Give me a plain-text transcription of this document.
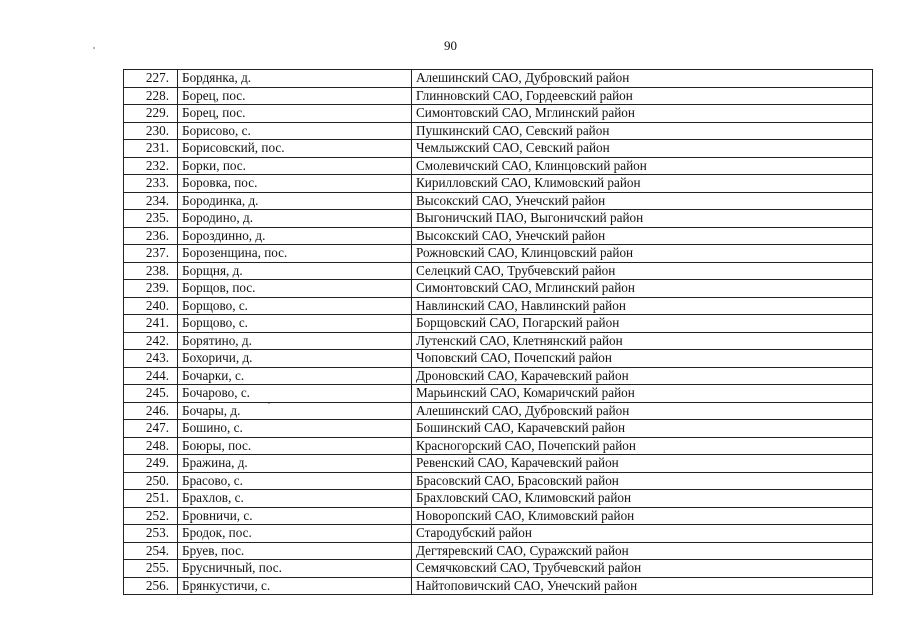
90
227.	Бордянка, д.	Алешинский САО, Дубровский район
228.	Борец, пос.	Глинновский САО, Гордеевский район
229.	Борец, пос.	Симонтовский САО, Мглинский район
230.	Борисово, с.	Пушкинский САО, Севский район
231.	Борисовский, пос.	Чемлыжский САО, Севский район
232.	Борки, пос.	Смолевичский САО, Клинцовский район
233.	Боровка, пос.	Кирилловский САО, Климовский район
234.	Бородинка, д.	Высокский САО, Унечский район
235.	Бородино, д.	Выгоничский ПАО, Выгоничский район
236.	Бороздинно, д.	Высокский САО, Унечский район
237.	Борозенщина, пос.	Рожновский САО, Клинцовский район
238.	Борщня, д.	Селецкий САО, Трубчевский район
239.	Борщов, пос.	Симонтовский САО, Мглинский район
240.	Борщово, с.	Навлинский САО, Навлинский район
241.	Борщово, с.	Борщовский САО, Погарский район
242.	Борятино, д.	Лутенский САО, Клетнянский район
243.	Бохоричи, д.	Чоповский САО, Почепский район
244.	Бочарки, с.	Дроновский САО, Карачевский район
245.	Бочарово, с.	Марьинский САО, Комаричский район
246.	Бочары, д.	Алешинский САО, Дубровский район
247.	Бошино, с.	Бошинский САО, Карачевский район
248.	Боюры, пос.	Красногорский САО, Почепский район
249.	Бражина, д.	Ревенский САО, Карачевский район
250.	Брасово, с.	Брасовский САО, Брасовский район
251.	Брахлов, с.	Брахловский САО, Климовский район
252.	Бровничи, с.	Новоропский САО, Климовский район
253.	Бродок, пос.	Стародубский район
254.	Бруев, пос.	Дегтяревский САО, Суражский район
255.	Брусничный, пос.	Семячковский САО, Трубчевский район
256.	Брянкустичи, с.	Найтоповичский САО, Унечский район
